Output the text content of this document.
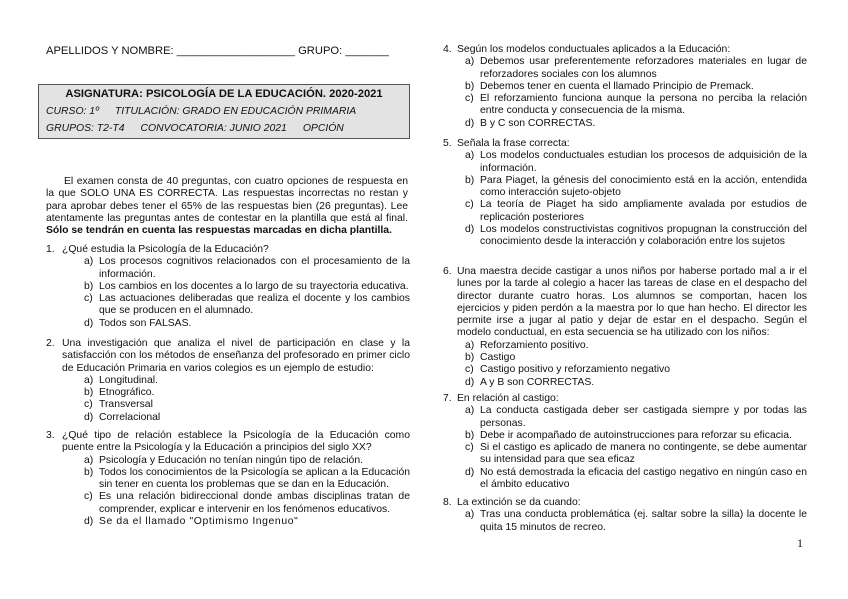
APELLIDOS Y NOMBRE: ___________________ GRUPO: _______
ASIGNATURA: PSICOLOGÍA DE LA EDUCACIÓN. 2020-2021
CURSO: 1º TITULACIÓN: GRADO EN EDUCACIÓN PRIMARIA
GRUPOS: T2-T4 CONVOCATORIA: JUNIO 2021 OPCIÓN
El examen consta de 40 preguntas, con cuatro opciones de respuesta en la que SOLO UNA ES CORRECTA. Las respuestas incorrectas no restan y para aprobar debes tener el 65% de las respuestas bien (26 preguntas). Lee atentamente las preguntas antes de contestar en la plantilla que está al final. Sólo se tendrán en cuenta las respuestas marcadas en dicha plantilla.
1. ¿Qué estudia la Psicología de la Educación?
a) Los procesos cognitivos relacionados con el procesamiento de la información.
b) Los cambios en los docentes a lo largo de su trayectoria educativa.
c) Las actuaciones deliberadas que realiza el docente y los cambios que se producen en el alumnado.
d) Todos son FALSAS.
2. Una investigación que analiza el nivel de participación en clase y la satisfacción con los métodos de enseñanza del profesorado en primer ciclo de Educación Primaria en varios colegios es un ejemplo de estudio:
a) Longitudinal.
b) Etnográfico.
c) Transversal
d) Correlacional
3. ¿Qué tipo de relación establece la Psicología de la Educación como puente entre la Psicología y la Educación a principios del siglo XX?
a) Psicología y Educación no tenían ningún tipo de relación.
b) Todos los conocimientos de la Psicología se aplican a la Educación sin tener en cuenta los problemas que se dan en la Educación.
c) Es una relación bidireccional donde ambas disciplinas tratan de comprender, explicar e intervenir en los fenómenos educativos.
d) Se da el llamado "Optimismo Ingenuo"
4. Según los modelos conductuales aplicados a la Educación:
a) Debemos usar preferentemente reforzadores materiales en lugar de reforzadores sociales con los alumnos
b) Debemos tener en cuenta el llamado Principio de Premack.
c) El reforzamiento funciona aunque la persona no perciba la relación entre conducta y consecuencia de la misma.
d) B y C son CORRECTAS.
5. Señala la frase correcta:
a) Los modelos conductuales estudian los procesos de adquisición de la información.
b) Para Piaget, la génesis del conocimiento está en la acción, entendida como interacción sujeto-objeto
c) La teoría de Piaget ha sido ampliamente avalada por estudios de replicación posteriores
d) Los modelos constructivistas cognitivos propugnan la construcción del conocimiento desde la interacción y colaboración entre los sujetos
6. Una maestra decide castigar a unos niños por haberse portado mal a ir el lunes por la tarde al colegio a hacer las tareas de clase en el despacho del director durante cuatro horas. Los alumnos se comportan, hacen los ejercicios y piden perdón a la maestra por lo que han hecho. El director les permite irse a jugar al patio y dejar de estar en el despacho. Según el modelo conductual, en esta secuencia se ha utilizado con los niños:
a) Reforzamiento positivo.
b) Castigo
c) Castigo positivo y reforzamiento negativo
d) A y B son CORRECTAS.
7. En relación al castigo:
a) La conducta castigada deber ser castigada siempre y por todas las personas.
b) Debe ir acompañado de autoinstrucciones para reforzar su eficacia.
c) Si el castigo es aplicado de manera no contingente, se debe aumentar su intensidad para que sea eficaz
d) No está demostrada la eficacia del castigo negativo en ningún caso en el ámbito educativo
8. La extinción se da cuando:
a) Tras una conducta problemática (ej. saltar sobre la silla) la docente le quita 15 minutos de recreo.
1
